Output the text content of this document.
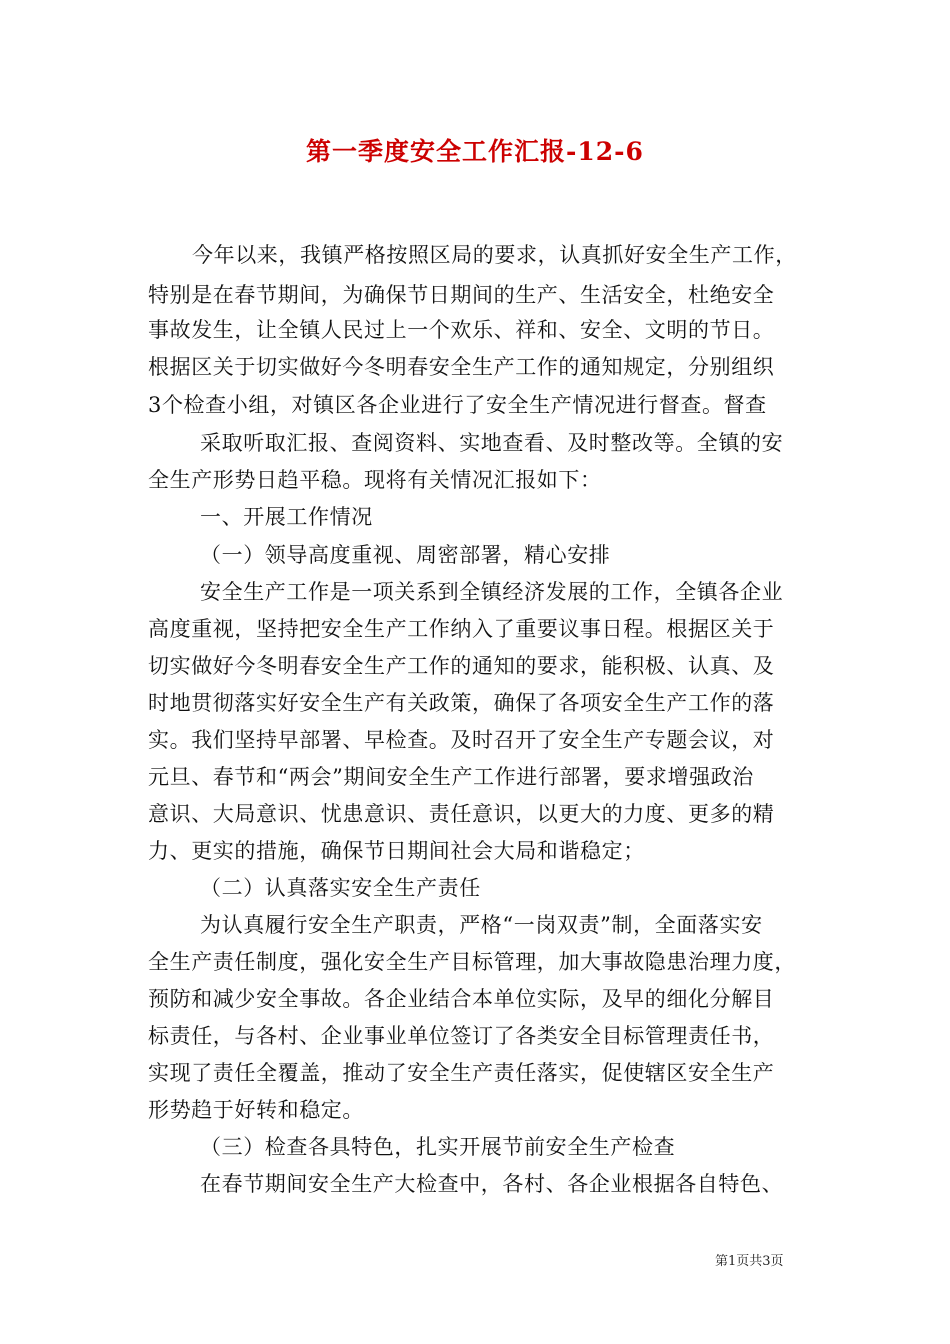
第一季度安全工作汇报-12-6
今年以来，我镇严格按照区局的要求，认真抓好安全生产工作，
特别是在春节期间，为确保节日期间的生产、生活安全，杜绝安全
事故发生，让全镇人民过上一个欢乐、祥和、安全、文明的节日。
根据区关于切实做好今冬明春安全生产工作的通知规定，分别组织
3个检查小组，对镇区各企业进行了安全生产情况进行督查。督查
采取听取汇报、查阅资料、实地查看、及时整改等。全镇的安
全生产形势日趋平稳。现将有关情况汇报如下：
一、开展工作情况
（一）领导高度重视、周密部署，精心安排
安全生产工作是一项关系到全镇经济发展的工作，全镇各企业
高度重视，坚持把安全生产工作纳入了重要议事日程。根据区关于
切实做好今冬明春安全生产工作的通知的要求，能积极、认真、及
时地贯彻落实好安全生产有关政策，确保了各项安全生产工作的落
实。我们坚持早部署、早检查。及时召开了安全生产专题会议，对
元旦、春节和“两会”期间安全生产工作进行部署，要求增强政治
意识、大局意识、忧患意识、责任意识，以更大的力度、更多的精
力、更实的措施，确保节日期间社会大局和谐稳定；
（二）认真落实安全生产责任
为认真履行安全生产职责，严格“一岗双责”制，全面落实安
全生产责任制度，强化安全生产目标管理，加大事故隐患治理力度，
预防和减少安全事故。各企业结合本单位实际，及早的细化分解目
标责任，与各村、企业事业单位签订了各类安全目标管理责任书，
实现了责任全覆盖，推动了安全生产责任落实，促使辖区安全生产
形势趋于好转和稳定。
（三）检查各具特色，扎实开展节前安全生产检查
在春节期间安全生产大检查中，各村、各企业根据各自特色、
第1页共3页
